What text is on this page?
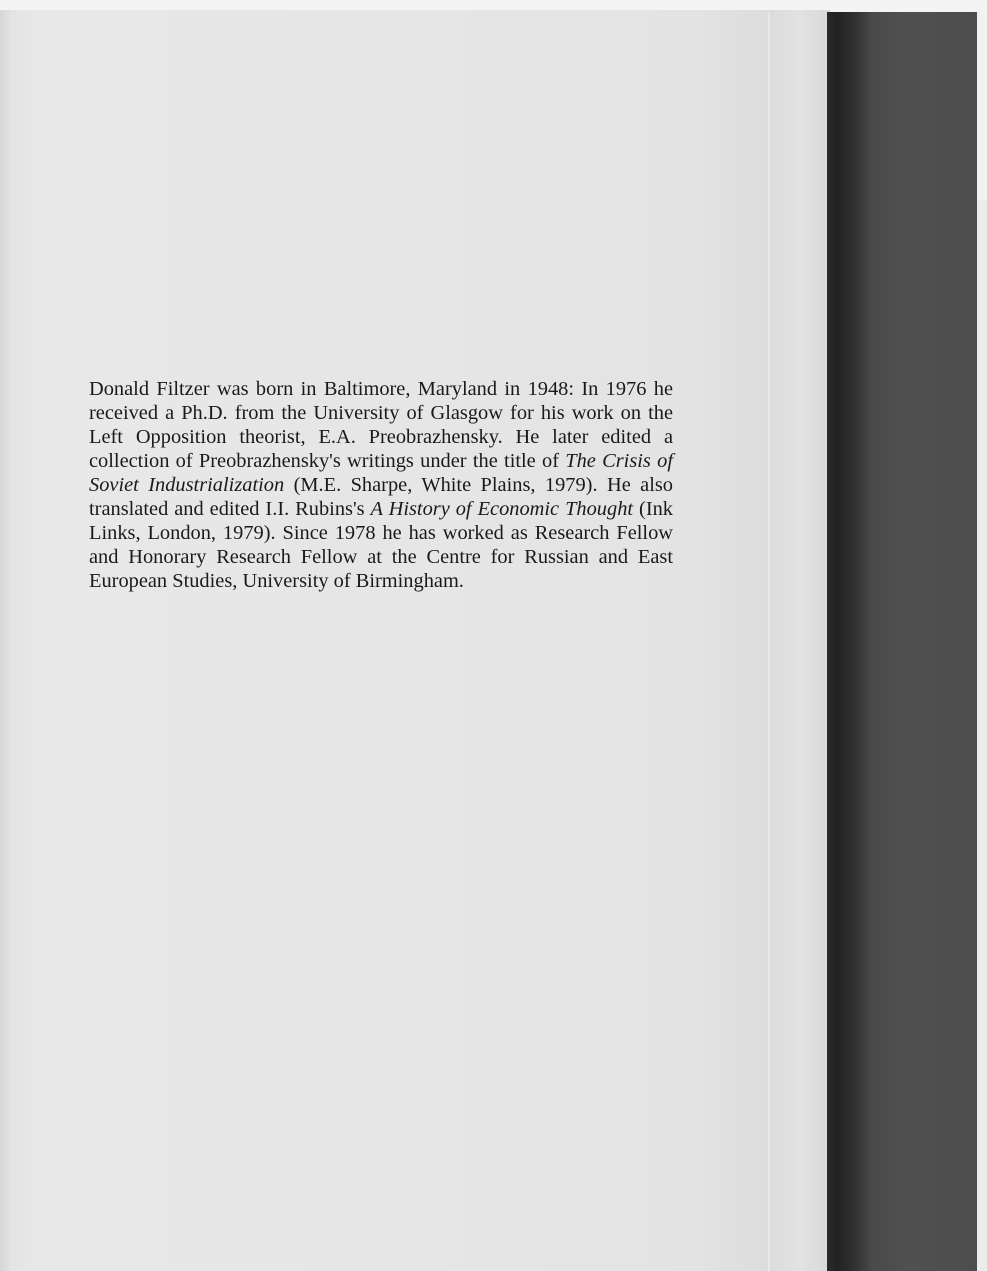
Donald Filtzer was born in Baltimore, Maryland in 1948: In 1976 he received a Ph.D. from the University of Glasgow for his work on the Left Opposition theorist, E.A. Preobrazhensky. He later edited a collection of Preobrazhensky's writings under the title of The Crisis of Soviet Industrialization (M.E. Sharpe, White Plains, 1979). He also translated and edited I.I. Rubins's A History of Economic Thought (Ink Links, London, 1979). Since 1978 he has worked as Research Fellow and Honorary Research Fellow at the Centre for Russian and East European Studies, University of Birmingham.
